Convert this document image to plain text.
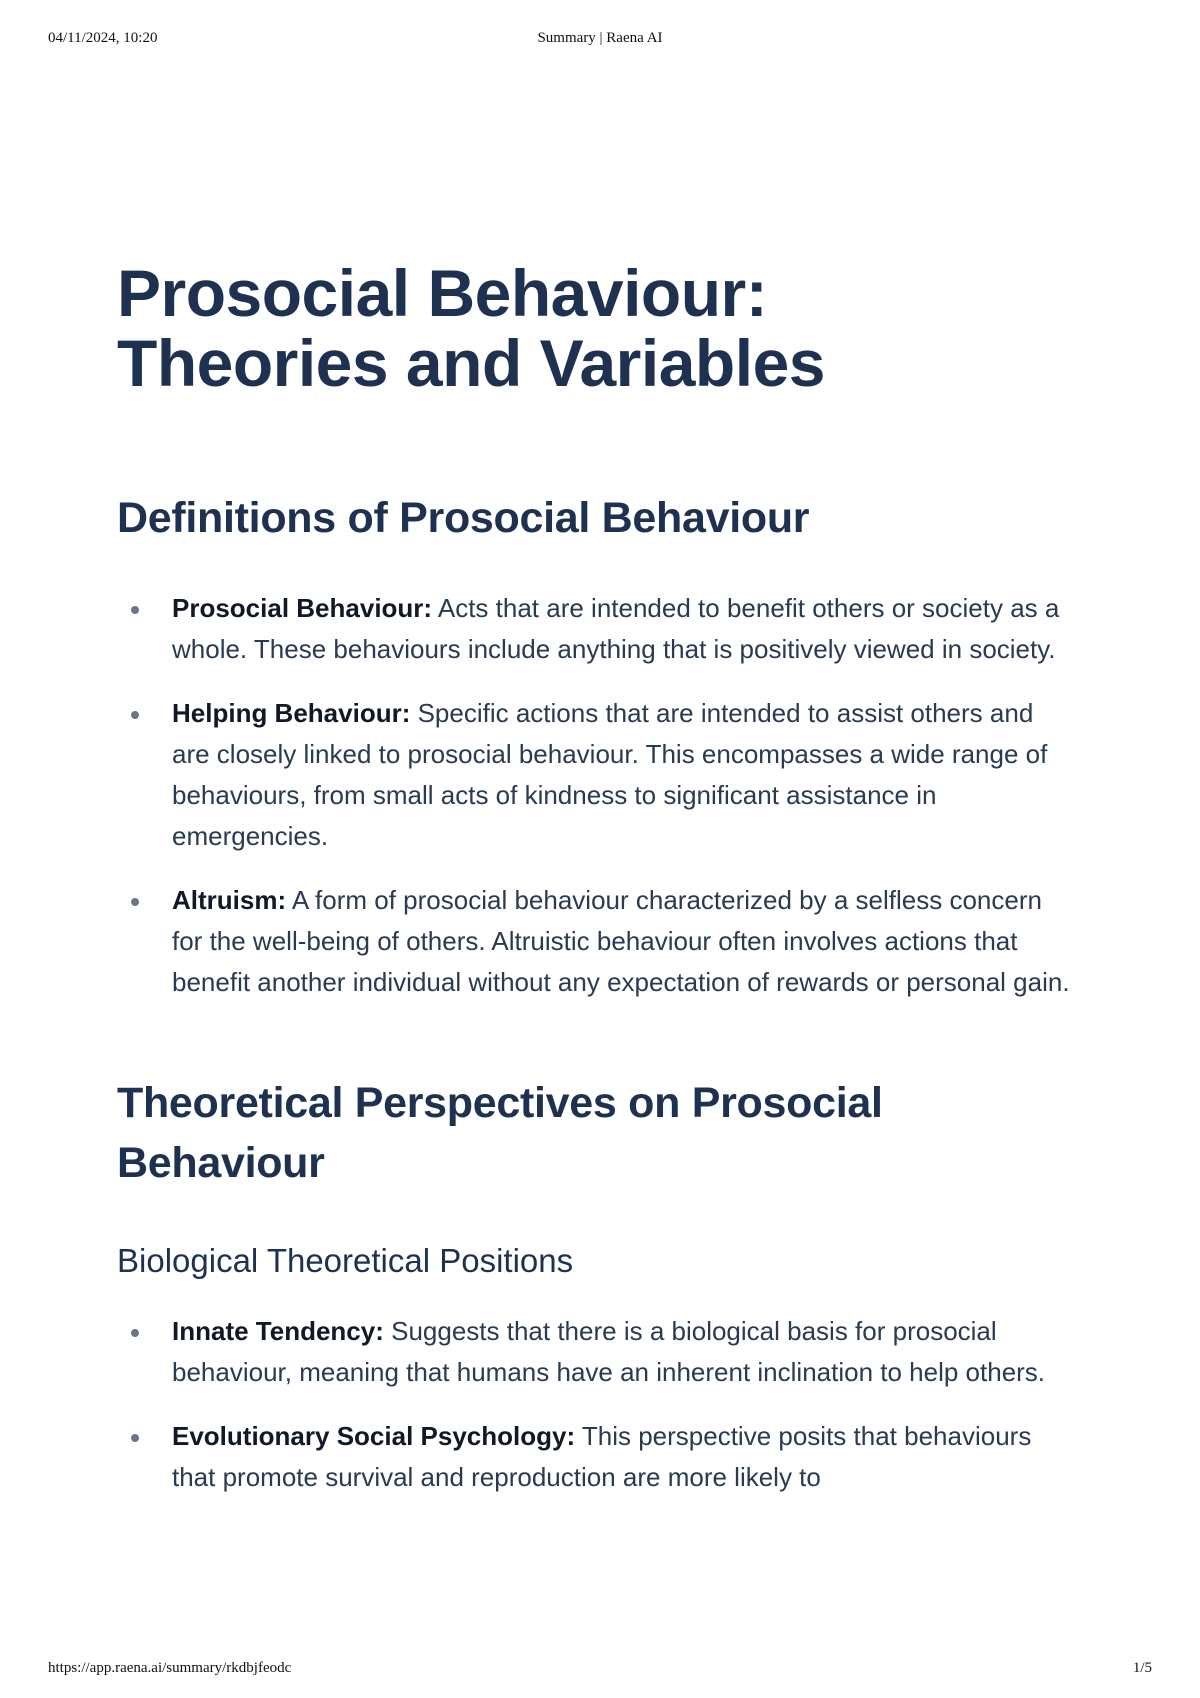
04/11/2024, 10:20	Summary | Raena AI
Prosocial Behaviour:
Theories and Variables
Definitions of Prosocial Behaviour
Prosocial Behaviour: Acts that are intended to benefit others or society as a whole. These behaviours include anything that is positively viewed in society.
Helping Behaviour: Specific actions that are intended to assist others and are closely linked to prosocial behaviour. This encompasses a wide range of behaviours, from small acts of kindness to significant assistance in emergencies.
Altruism: A form of prosocial behaviour characterized by a selfless concern for the well-being of others. Altruistic behaviour often involves actions that benefit another individual without any expectation of rewards or personal gain.
Theoretical Perspectives on Prosocial Behaviour
Biological Theoretical Positions
Innate Tendency: Suggests that there is a biological basis for prosocial behaviour, meaning that humans have an inherent inclination to help others.
Evolutionary Social Psychology: This perspective posits that behaviours that promote survival and reproduction are more likely to
https://app.raena.ai/summary/rkdbjfeodc	1/5
